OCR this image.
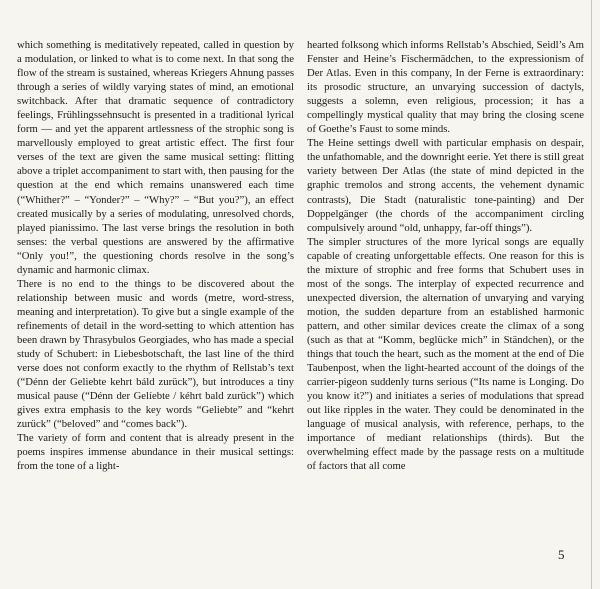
which something is meditatively repeated, called in question by a modulation, or linked to what is to come next. In that song the flow of the stream is sustained, whereas Kriegers Ahnung passes through a series of wildly varying states of mind, an emotional switchback. After that dramatic sequence of contradictory feelings, Frühlingssehnsucht is presented in a traditional lyrical form — and yet the apparent artlessness of the strophic song is marvellously employed to great artistic effect. The first four verses of the text are given the same musical setting: flitting above a triplet accompaniment to start with, then pausing for the question at the end which remains unanswered each time (“Whither?” – “Yonder?” – “Why?” – “But you?”), an effect created musically by a series of modulating, unresolved chords, played pianissimo. The last verse brings the resolution in both senses: the verbal questions are answered by the affirmative “Only you!”, the questioning chords resolve in the song’s dynamic and harmonic climax.

There is no end to the things to be discovered about the relationship between music and words (metre, word-stress, meaning and interpretation). To give but a single example of the refinements of detail in the word-setting to which attention has been drawn by Thrasybulos Georgiades, who has made a special study of Schubert: in Liebesbotschaft, the last line of the third verse does not conform exactly to the rhythm of Rellstab’s text (“Dénn der Geliebte kehrt báld zurück”), but introduces a tiny musical pause (“Dénn der Gelíebte / kéhrt bald zurück”) which gives extra emphasis to the key words “Geliebte” and “kehrt zurück” (“beloved” and “comes back”).

The variety of form and content that is already present in the poems inspires immense abundance in their musical settings: from the tone of a light-

hearted folksong which informs Rellstab’s Abschied, Seidl’s Am Fenster and Heine’s Fischermädchen, to the expressionism of Der Atlas. Even in this company, In der Ferne is extraordinary: its prosodic structure, an unvarying succession of dactyls, suggests a solemn, even religious, procession; it has a compellingly mystical quality that may bring the closing scene of Goethe’s Faust to some minds.

The Heine settings dwell with particular emphasis on despair, the unfathomable, and the downright eerie. Yet there is still great variety between Der Atlas (the state of mind depicted in the graphic tremolos and strong accents, the vehement dynamic contrasts), Die Stadt (naturalistic tone-painting) and Der Doppelgänger (the chords of the accompaniment circling compulsively around “old, unhappy, far-off things”).

The simpler structures of the more lyrical songs are equally capable of creating unforgettable effects. One reason for this is the mixture of strophic and free forms that Schubert uses in most of the songs. The interplay of expected recurrence and unexpected diversion, the alternation of unvarying and varying motion, the sudden departure from an established harmonic pattern, and other similar devices create the climax of a song (such as that at “Komm, beglücke mich” in Ständchen), or the things that touch the heart, such as the moment at the end of Die Taubenpost, when the light-hearted account of the doings of the carrier-pigeon suddenly turns serious (“Its name is Longing. Do you know it?”) and initiates a series of modulations that spread out like ripples in the water. They could be denominated in the language of musical analysis, with reference, perhaps, to the importance of mediant relationships (thirds). But the overwhelming effect made by the passage rests on a multitude of factors that all come

5
